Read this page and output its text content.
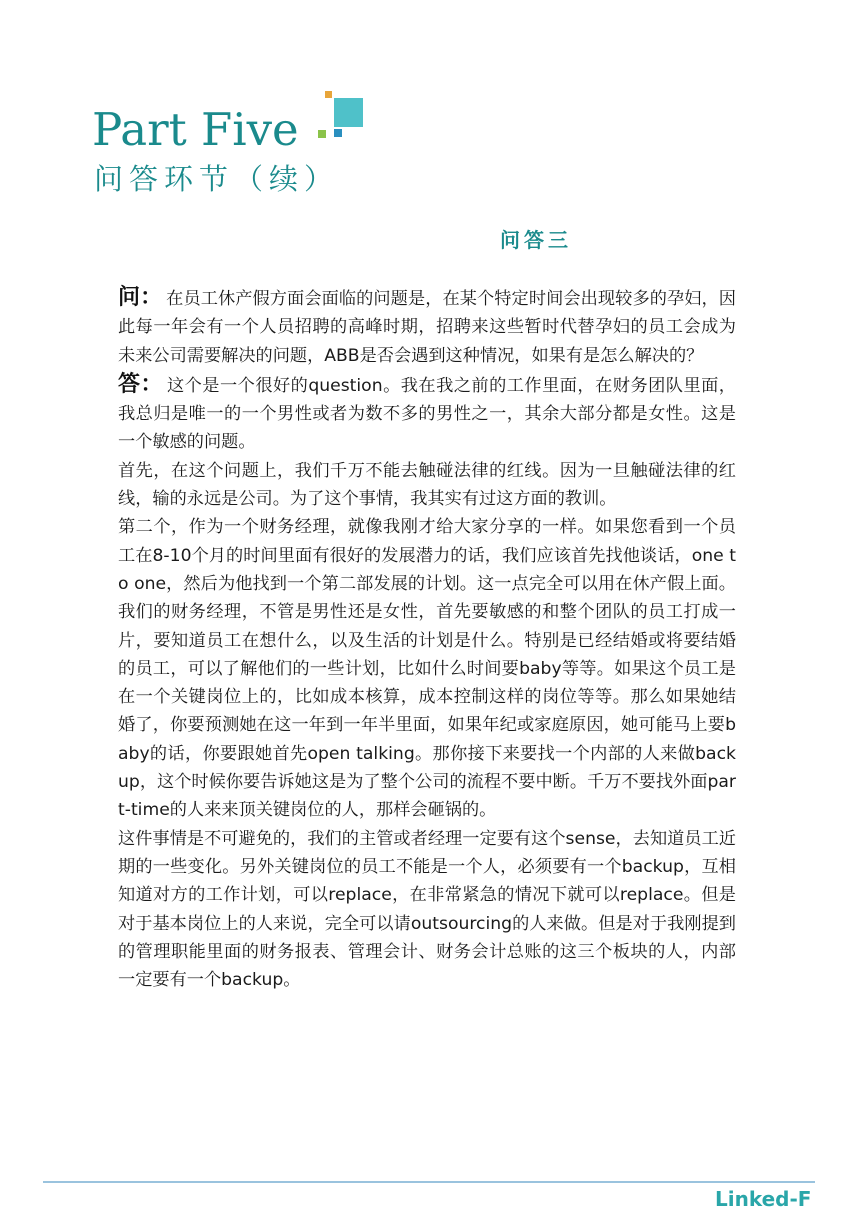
Part Five
问答环节（续）
问答三

问： 在员工休产假方面会面临的问题是，在某个特定时间会出现较多的孕妇，因此每一年会有一个人员招聘的高峰时期，招聘来这些暂时代替孕妇的员工会成为未来公司需要解决的问题，ABB是否会遇到这种情况，如果有是怎么解决的？

答： 这个是一个很好的question。我在我之前的工作里面，在财务团队里面，我总归是唯一的一个男性或者为数不多的男性之一，其余大部分都是女性。这是一个敏感的问题。

首先，在这个问题上，我们千万不能去触碰法律的红线。因为一旦触碰法律的红线，输的永远是公司。为了这个事情，我其实有过这方面的教训。

第二个，作为一个财务经理，就像我刚才给大家分享的一样。如果您看到一个员工在8-10个月的时间里面有很好的发展潜力的话，我们应该首先找他谈话，one to one，然后为他找到一个第二部发展的计划。这一点完全可以用在休产假上面。我们的财务经理，不管是男性还是女性，首先要敏感的和整个团队的员工打成一片，要知道员工在想什么，以及生活的计划是什么。特别是已经结婚或将要结婚的员工，可以了解他们的一些计划，比如什么时间要baby等等。如果这个员工是在一个关键岗位上的，比如成本核算，成本控制这样的岗位等等。那么如果她结婚了，你要预测她在这一年到一年半里面，如果年纪或家庭原因，她可能马上要baby的话，你要跟她首先open talking。那你接下来要找一个内部的人来做backup，这个时候你要告诉她这是为了整个公司的流程不要中断。千万不要找外面part-time的人来来顶关键岗位的人，那样会砸锅的。

这件事情是不可避免的，我们的主管或者经理一定要有这个sense，去知道员工近期的一些变化。另外关键岗位的员工不能是一个人，必须要有一个backup，互相知道对方的工作计划，可以replace，在非常紧急的情况下就可以replace。但是对于基本岗位上的人来说，完全可以请outsourcing的人来做。但是对于我刚提到的管理职能里面的财务报表、管理会计、财务会计总账的这三个板块的人，内部一定要有一个backup。

Linked-F
